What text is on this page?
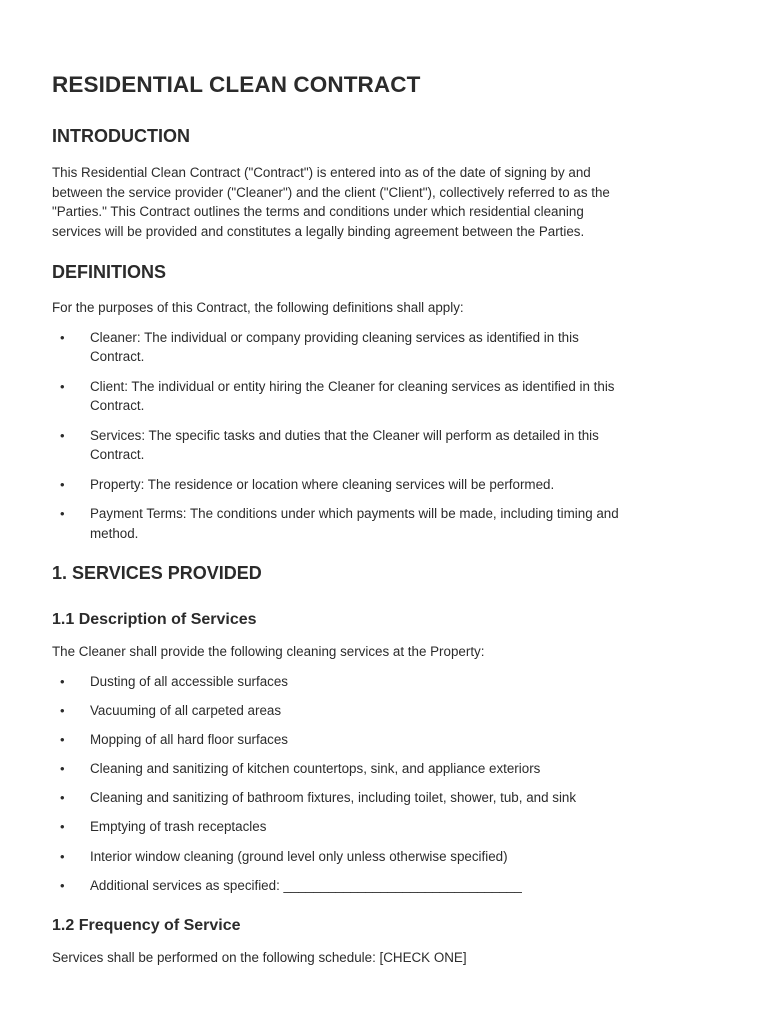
RESIDENTIAL CLEAN CONTRACT
INTRODUCTION

This Residential Clean Contract ("Contract") is entered into as of the date of signing by and

between the service provider ("Cleaner") and the client ("Client"), collectively referred to as the

"Parties." This Contract outlines the terms and conditions under which residential cleaning

services will be provided and constitutes a legally binding agreement between the Parties.

DEFINITIONS

For the purposes of this Contract, the following definitions shall apply:

• Cleaner: The individual or company providing cleaning services as identified in this
Contract.
• Client: The individual or entity hiring the Cleaner for cleaning services as identified in this
Contract.
• Services: The specific tasks and duties that the Cleaner will perform as detailed in this
Contract.
• Property: The residence or location where cleaning services will be performed.
• Payment Terms: The conditions under which payments will be made, including timing and
method.
1. SERVICES PROVIDED
1.1 Description of Services

The Cleaner shall provide the following cleaning services at the Property:

• Dusting of all accessible surfaces
• Vacuuming of all carpeted areas
• Mopping of all hard floor surfaces
• Cleaning and sanitizing of kitchen countertops, sink, and appliance exteriors
• Cleaning and sanitizing of bathroom fixtures, including toilet, shower, tub, and sink
• Emptying of trash receptacles
• Interior window cleaning (ground level only unless otherwise specified)
• Additional services as specified: ________________________________
1.2 Frequency of Service

Services shall be performed on the following schedule: [CHECK ONE]
